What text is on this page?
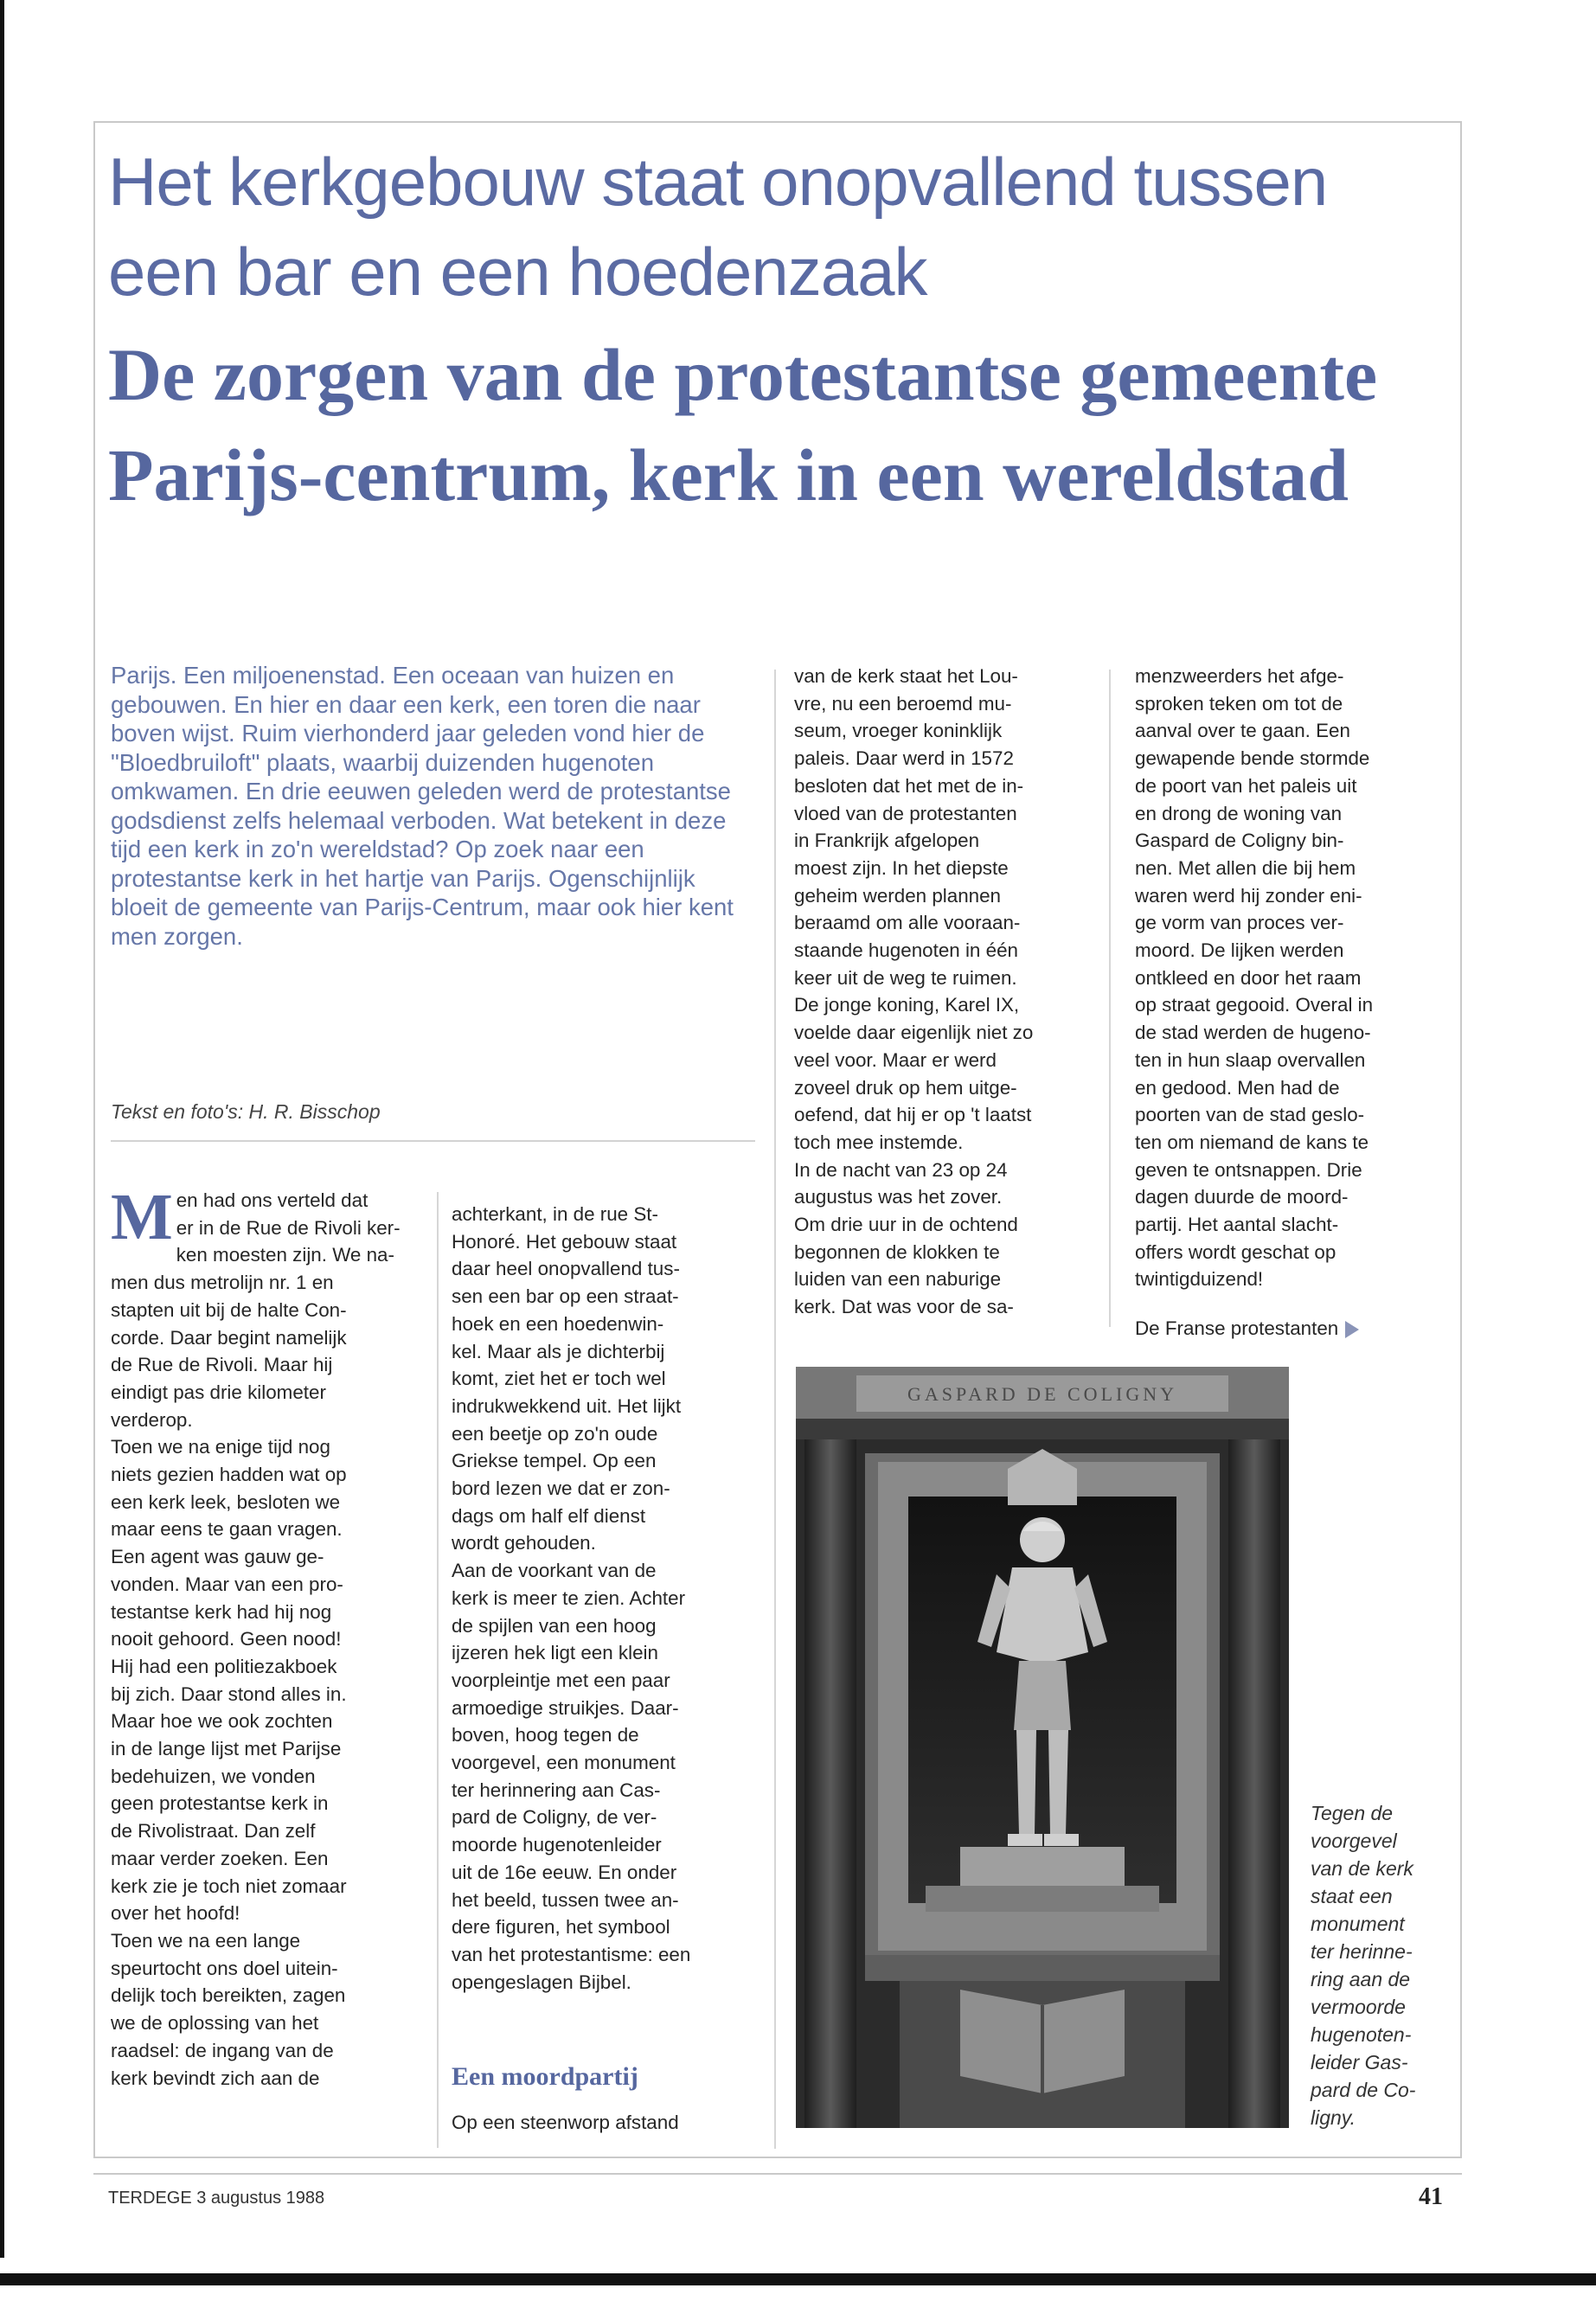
Het kerkgebouw staat onopvallend tussen een bar en een hoedenzaak
De zorgen van de protestantse gemeente Parijs-centrum, kerk in een wereldstad

Parijs. Een miljoenenstad. Een oceaan van huizen en gebouwen. En hier en daar een kerk, een toren die naar boven wijst. Ruim vierhonderd jaar geleden vond hier de "Bloedbruiloft" plaats, waarbij duizenden hugenoten omkwamen. En drie eeuwen geleden werd de protestantse godsdienst zelfs helemaal verboden. Wat betekent in deze tijd een kerk in zo'n wereldstad? Op zoek naar een protestantse kerk in het hartje van Parijs. Ogenschijnlijk bloeit de gemeente van Parijs-Centrum, maar ook hier kent men zorgen.

Tekst en foto's: H. R. Bisschop

Men had ons verteld dat
er in de Rue de Rivoli ker-
ken moesten zijn. We na-
men dus metrolijn nr. 1 en
stapten uit bij de halte Con-
corde. Daar begint namelijk
de Rue de Rivoli. Maar hij
eindigt pas drie kilometer
verderop.
Toen we na enige tijd nog
niets gezien hadden wat op
een kerk leek, besloten we
maar eens te gaan vragen.
Een agent was gauw ge-
vonden. Maar van een pro-
testantse kerk had hij nog
nooit gehoord. Geen nood!
Hij had een politiezakboek
bij zich. Daar stond alles in.
Maar hoe we ook zochten
in de lange lijst met Parijse
bedehuizen, we vonden
geen protestantse kerk in
de Rivolistraat. Dan zelf
maar verder zoeken. Een
kerk zie je toch niet zomaar
over het hoofd!
Toen we na een lange
speurtocht ons doel uitein-
delijk toch bereikten, zagen
we de oplossing van het
raadsel: de ingang van de
kerk bevindt zich aan de

achterkant, in de rue St-
Honoré. Het gebouw staat
daar heel onopvallend tus-
sen een bar op een straat-
hoek en een hoedenwin-
kel. Maar als je dichterbij
komt, ziet het er toch wel
indrukwekkend uit. Het lijkt
een beetje op zo'n oude
Griekse tempel. Op een
bord lezen we dat er zon-
dags om half elf dienst
wordt gehouden.
Aan de voorkant van de
kerk is meer te zien. Achter
de spijlen van een hoog
ijzeren hek ligt een klein
voorpleintje met een paar
armoedige struikjes. Daar-
boven, hoog tegen de
voorgevel, een monument
ter herinnering aan Cas-
pard de Coligny, de ver-
moorde hugenotenleider
uit de 16e eeuw. En onder
het beeld, tussen twee an-
dere figuren, het symbool
van het protestantisme: een
opengeslagen Bijbel.

Een moordpartij

Op een steenworp afstand

van de kerk staat het Lou-
vre, nu een beroemd mu-
seum, vroeger koninklijk
paleis. Daar werd in 1572
besloten dat het met de in-
vloed van de protestanten
in Frankrijk afgelopen
moest zijn. In het diepste
geheim werden plannen
beraamd om alle vooraan-
staande hugenoten in één
keer uit de weg te ruimen.
De jonge koning, Karel IX,
voelde daar eigenlijk niet zo
veel voor. Maar er werd
zoveel druk op hem uitge-
oefend, dat hij er op 't laatst
toch mee instemde.
In de nacht van 23 op 24
augustus was het zover.
Om drie uur in de ochtend
begonnen de klokken te
luiden van een naburige
kerk. Dat was voor de sa-

menzweerders het afge-
sproken teken om tot de
aanval over te gaan. Een
gewapende bende stormde
de poort van het paleis uit
en drong de woning van
Gaspard de Coligny bin-
nen. Met allen die bij hem
waren werd hij zonder eni-
ge vorm van proces ver-
moord. De lijken werden
ontkleed en door het raam
op straat gegooid. Overal in
de stad werden de hugeno-
ten in hun slaap overvallen
en gedood. Men had de
poorten van de stad geslo-
ten om niemand de kans te
geven te ontsnappen. Drie
dagen duurde de moord-
partij. Het aantal slacht-
offers wordt geschat op
twintigduizend!

De Franse protestanten

GASPARD DE COLIGNY

Tegen de
voorgevel
van de kerk
staat een
monument
ter herinne-
ring aan de
vermoorde
hugenoten-
leider Gas-
pard de Co-
ligny.

TERDEGE 3 augustus 1988	41
